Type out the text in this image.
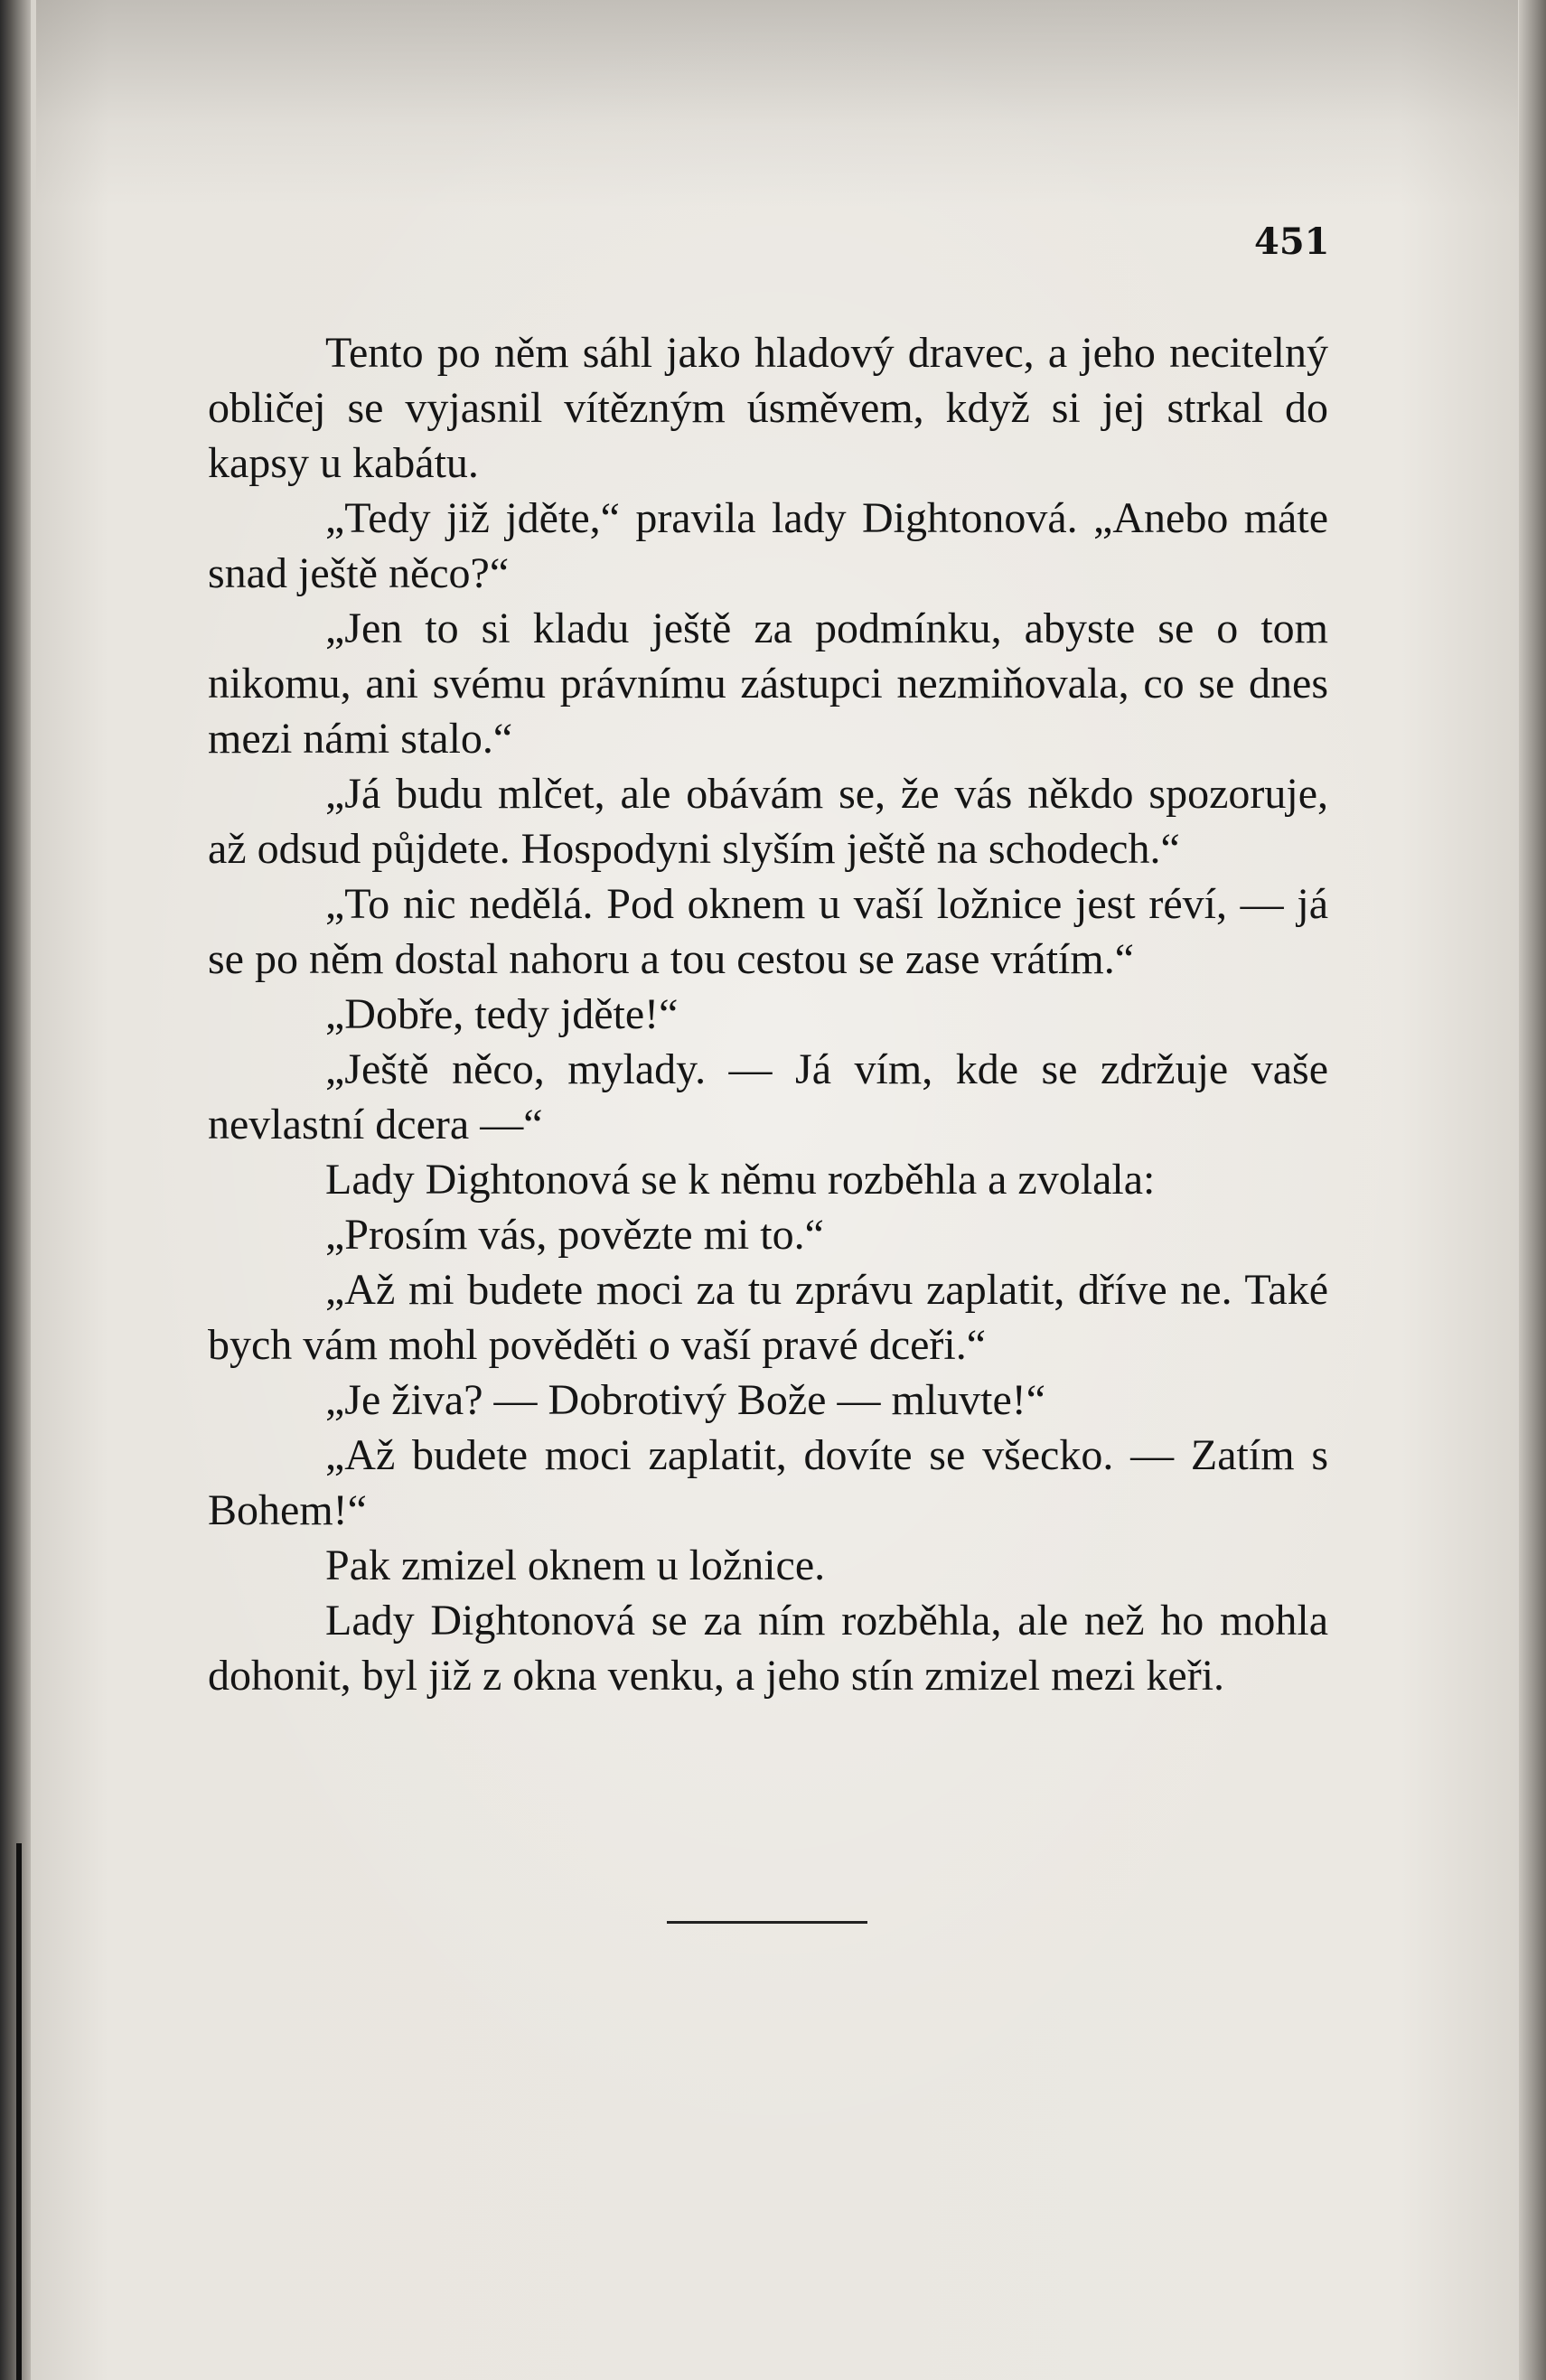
451

Tento po něm sáhl jako hladový dravec, a jeho necitelný obličej se vyjasnil vítězným úsměvem, když si jej strkal do kapsy u kabátu.

„Tedy již jděte,“ pravila lady Dightonová. „Anebo máte snad ještě něco?“

„Jen to si kladu ještě za podmínku, abyste se o tom nikomu, ani svému právnímu zástupci nezmiňovala, co se dnes mezi námi stalo.“

„Já budu mlčet, ale obávám se, že vás někdo spozoruje, až odsud půjdete. Hospodyni slyším ještě na schodech.“

„To nic nedělá. Pod oknem u vaší ložnice jest réví, — já se po něm dostal nahoru a tou cestou se zase vrátím.“

„Dobře, tedy jděte!“

„Ještě něco, mylady. — Já vím, kde se zdržuje vaše nevlastní dcera —“

Lady Dightonová se k němu rozběhla a zvolala:

„Prosím vás, povězte mi to.“

„Až mi budete moci za tu zprávu zaplatit, dříve ne. Také bych vám mohl pověděti o vaší pravé dceři.“

„Je živa? — Dobrotivý Bože — mluvte!“

„Až budete moci zaplatit, dovíte se všecko. — Zatím s Bohem!“

Pak zmizel oknem u ložnice.

Lady Dightonová se za ním rozběhla, ale než ho mohla dohonit, byl již z okna venku, a jeho stín zmizel mezi keři.
